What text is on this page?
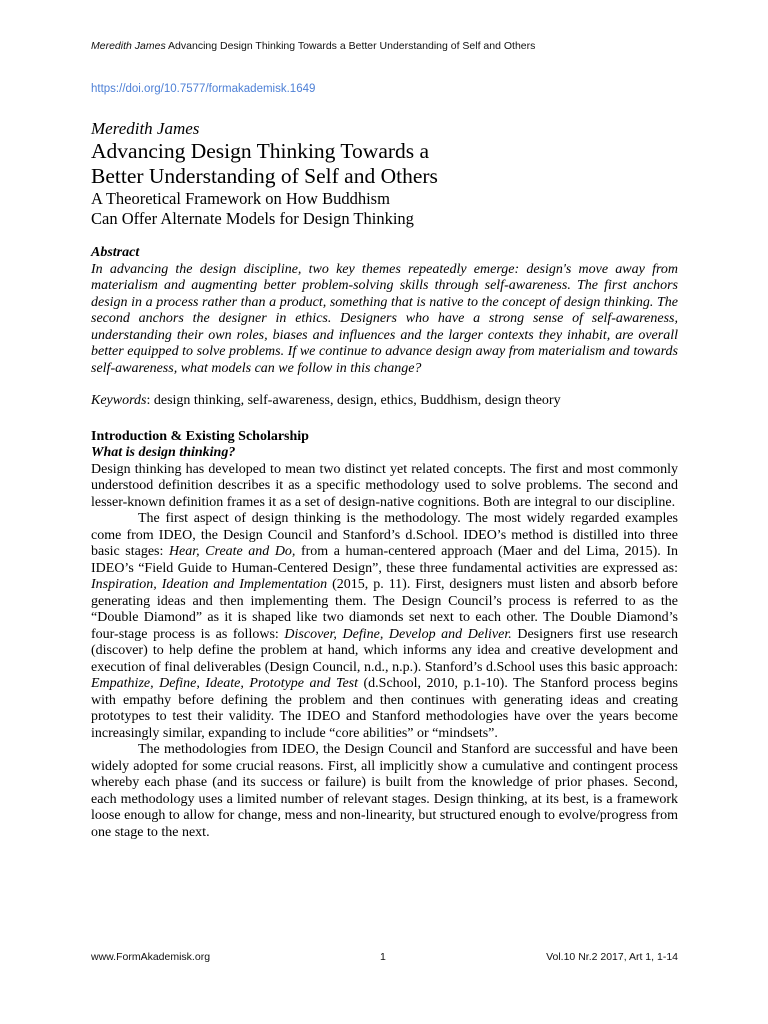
Meredith James Advancing Design Thinking Towards a Better Understanding of Self and Others
https://doi.org/10.7577/formakademisk.1649
Meredith James
Advancing Design Thinking Towards a
Better Understanding of Self and Others
A Theoretical Framework on How Buddhism
Can Offer Alternate Models for Design Thinking
Abstract

In advancing the design discipline, two key themes repeatedly emerge: design's move away from materialism and augmenting better problem-solving skills through self-awareness. The first anchors design in a process rather than a product, something that is native to the concept of design thinking. The second anchors the designer in ethics. Designers who have a strong sense of self-awareness, understanding their own roles, biases and influences and the larger contexts they inhabit, are overall better equipped to solve problems. If we continue to advance design away from materialism and towards self-awareness, what models can we follow in this change?

Keywords: design thinking, self-awareness, design, ethics, Buddhism, design theory

Introduction & Existing Scholarship
What is design thinking?

Design thinking has developed to mean two distinct yet related concepts. The first and most commonly understood definition describes it as a specific methodology used to solve problems. The second and lesser-known definition frames it as a set of design-native cognitions. Both are integral to our discipline.

The first aspect of design thinking is the methodology. The most widely regarded examples come from IDEO, the Design Council and Stanford’s d.School. IDEO’s method is distilled into three basic stages: Hear, Create and Do, from a human-centered approach (Maer and del Lima, 2015). In IDEO’s “Field Guide to Human-Centered Design”, these three fundamental activities are expressed as: Inspiration, Ideation and Implementation (2015, p. 11). First, designers must listen and absorb before generating ideas and then implementing them. The Design Council’s process is referred to as the “Double Diamond” as it is shaped like two diamonds set next to each other. The Double Diamond’s four-stage process is as follows: Discover, Define, Develop and Deliver. Designers first use research (discover) to help define the problem at hand, which informs any idea and creative development and execution of final deliverables (Design Council, n.d., n.p.). Stanford’s d.School uses this basic approach: Empathize, Define, Ideate, Prototype and Test (d.School, 2010, p.1-10). The Stanford process begins with empathy before defining the problem and then continues with generating ideas and creating prototypes to test their validity. The IDEO and Stanford methodologies have over the years become increasingly similar, expanding to include “core abilities” or “mindsets”.

The methodologies from IDEO, the Design Council and Stanford are successful and have been widely adopted for some crucial reasons. First, all implicitly show a cumulative and contingent process whereby each phase (and its success or failure) is built from the knowledge of prior phases. Second, each methodology uses a limited number of relevant stages. Design thinking, at its best, is a framework loose enough to allow for change, mess and non-linearity, but structured enough to evolve/progress from one stage to the next.

www.FormAkademisk.org	1	Vol.10 Nr.2 2017, Art 1, 1-14
